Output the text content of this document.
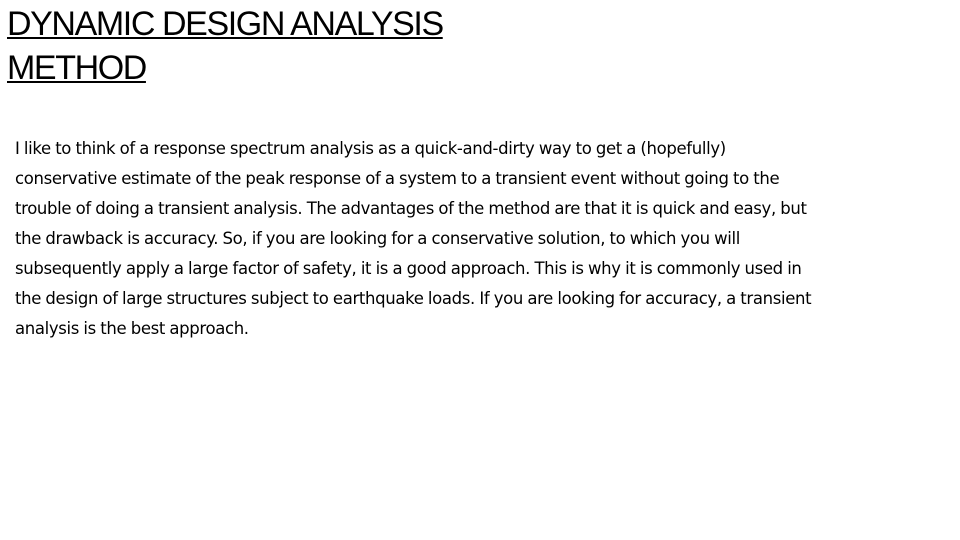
DYNAMIC DESIGN ANALYSIS
METHOD

I like to think of a response spectrum analysis as a quick-and-dirty way to get a (hopefully)
conservative estimate of the peak response of a system to a transient event without going to the
trouble of doing a transient analysis. The advantages of the method are that it is quick and easy, but
the drawback is accuracy. So, if you are looking for a conservative solution, to which you will
subsequently apply a large factor of safety, it is a good approach. This is why it is commonly used in
the design of large structures subject to earthquake loads. If you are looking for accuracy, a transient
analysis is the best approach.
